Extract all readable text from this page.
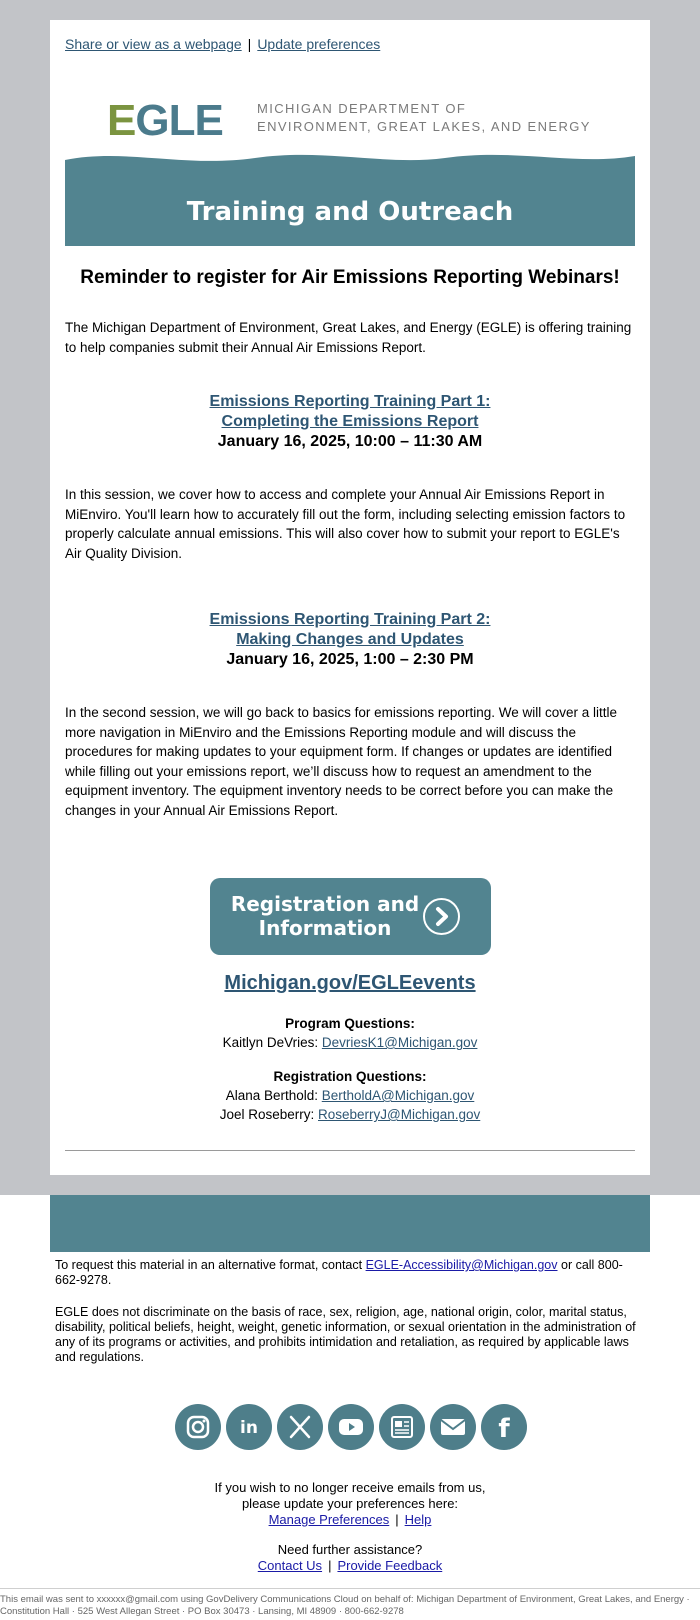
Share or view as a webpage | Update preferences
EGLE	MICHIGAN DEPARTMENT OF
ENVIRONMENT, GREAT LAKES, AND ENERGY
Training and Outreach
Reminder to register for Air Emissions Reporting Webinars!
The Michigan Department of Environment, Great Lakes, and Energy (EGLE) is offering training to help companies submit their Annual Air Emissions Report.
Emissions Reporting Training Part 1:
Completing the Emissions Report
January 16, 2025, 10:00 – 11:30 AM
In this session, we cover how to access and complete your Annual Air Emissions Report in MiEnviro. You'll learn how to accurately fill out the form, including selecting emission factors to properly calculate annual emissions. This will also cover how to submit your report to EGLE's Air Quality Division.
Emissions Reporting Training Part 2:
Making Changes and Updates
January 16, 2025, 1:00 – 2:30 PM
In the second session, we will go back to basics for emissions reporting. We will cover a little more navigation in MiEnviro and the Emissions Reporting module and will discuss the procedures for making updates to your equipment form. If changes or updates are identified while filling out your emissions report, we’ll discuss how to request an amendment to the equipment inventory. The equipment inventory needs to be correct before you can make the changes in your Annual Air Emissions Report.
Registration and
Information
Michigan.gov/EGLEevents
Program Questions:
Kaitlyn DeVries: DevriesK1@Michigan.gov
Registration Questions:
Alana Berthold: BertholdA@Michigan.gov
Joel Roseberry: RoseberryJ@Michigan.gov
To request this material in an alternative format, contact EGLE-Accessibility@Michigan.gov or call 800-662-9278.
EGLE does not discriminate on the basis of race, sex, religion, age, national origin, color, marital status, disability, political beliefs, height, weight, genetic information, or sexual orientation in the administration of any of its programs or activities, and prohibits intimidation and retaliation, as required by applicable laws and regulations.
in	f
If you wish to no longer receive emails from us,
please update your preferences here:
Manage Preferences | Help
Need further assistance?
Contact Us | Provide Feedback
This email was sent to xxxxxx@gmail.com using GovDelivery Communications Cloud on behalf of: Michigan Department of Environment, Great Lakes, and Energy · Constitution Hall · 525 West Allegan Street · PO Box 30473 · Lansing, MI 48909 · 800-662-9278
